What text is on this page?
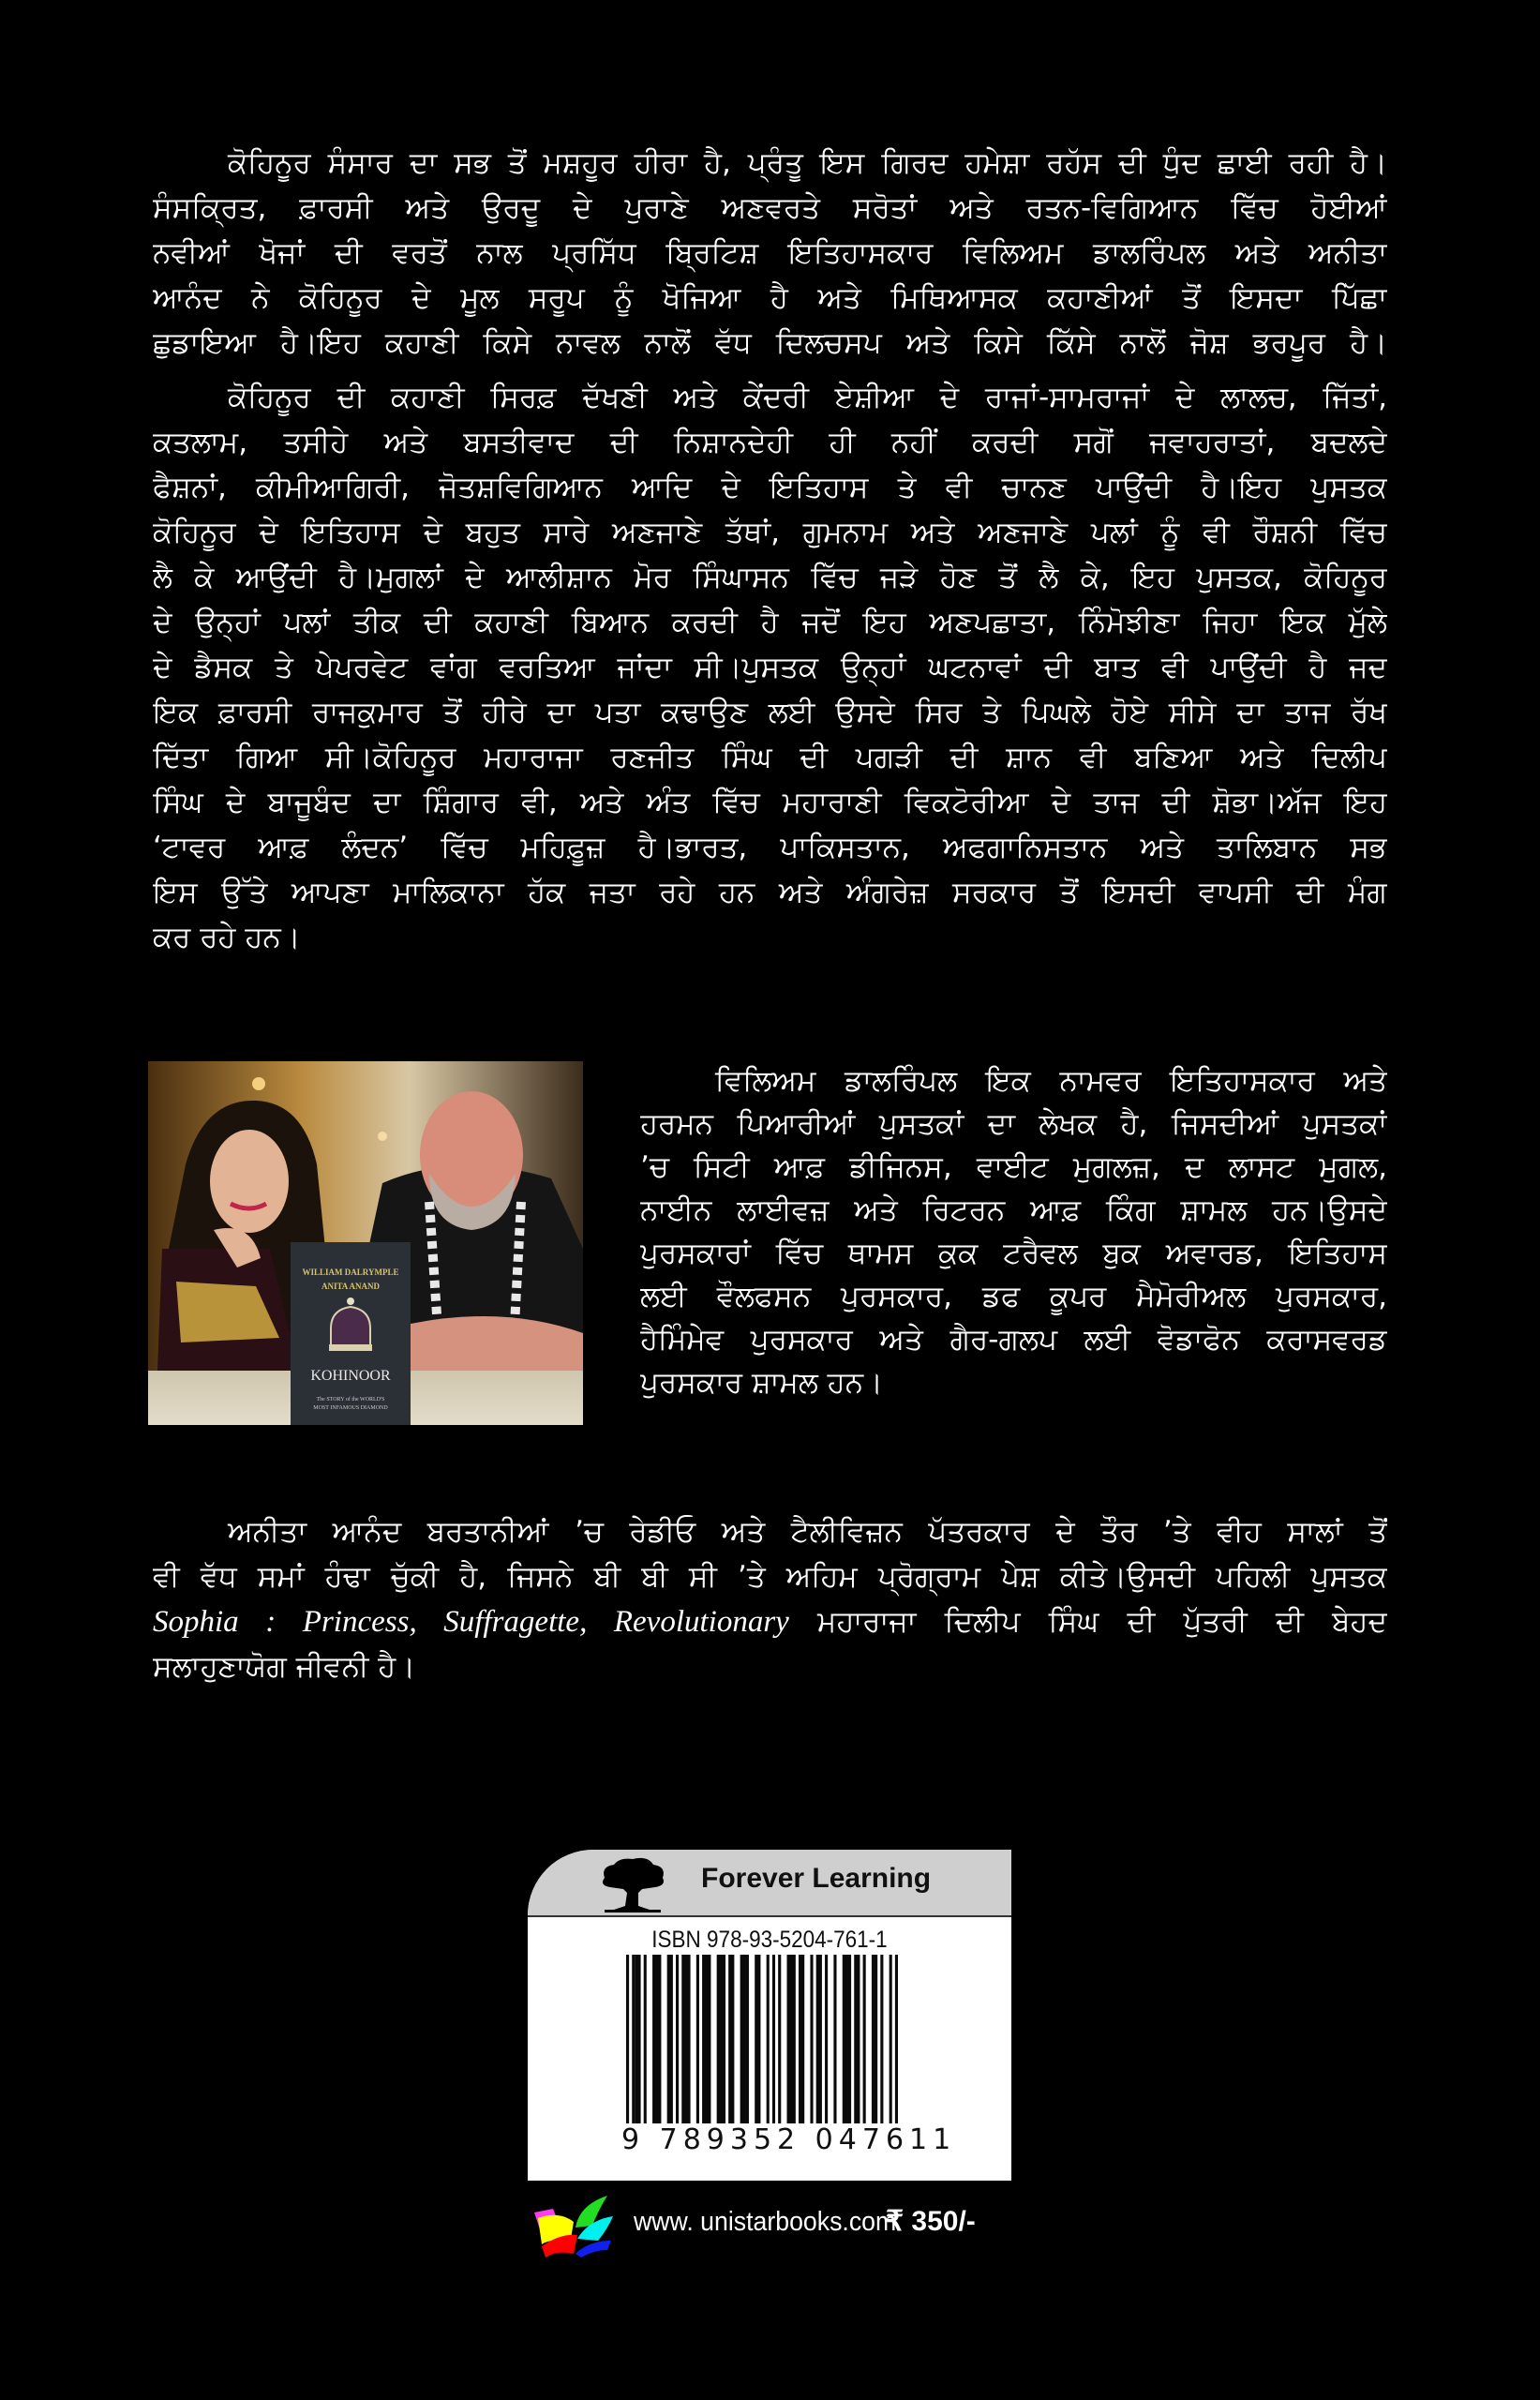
ਕੋਹਿਨੂਰ ਸੰਸਾਰ ਦਾ ਸਭ ਤੋਂ ਮਸ਼ਹੂਰ ਹੀਰਾ ਹੈ, ਪ੍ਰੰਤੂ ਇਸ ਗਿਰਦ ਹਮੇਸ਼ਾ ਰਹੱਸ ਦੀ ਧੁੰਦ ਛਾਈ ਰਹੀ ਹੈ।
ਸੰਸਕ੍ਰਿਤ, ਫ਼ਾਰਸੀ ਅਤੇ ਉਰਦੂ ਦੇ ਪੁਰਾਣੇ ਅਣਵਰਤੇ ਸਰੋਤਾਂ ਅਤੇ ਰਤਨ-ਵਿਗਿਆਨ ਵਿੱਚ ਹੋਈਆਂ
ਨਵੀਆਂ ਖੋਜਾਂ ਦੀ ਵਰਤੋਂ ਨਾਲ ਪ੍ਰਸਿੱਧ ਬ੍ਰਿਟਿਸ਼ ਇਤਿਹਾਸਕਾਰ ਵਿਲਿਅਮ ਡਾਲਰਿੰਪਲ ਅਤੇ ਅਨੀਤਾ
ਆਨੰਦ ਨੇ ਕੋਹਿਨੂਰ ਦੇ ਮੂਲ ਸਰੂਪ ਨੂੰ ਖੋਜਿਆ ਹੈ ਅਤੇ ਮਿਥਿਆਸਕ ਕਹਾਣੀਆਂ ਤੋਂ ਇਸਦਾ ਪਿੱਛਾ
ਛੁਡਾਇਆ ਹੈ।ਇਹ ਕਹਾਣੀ ਕਿਸੇ ਨਾਵਲ ਨਾਲੋਂ ਵੱਧ ਦਿਲਚਸਪ ਅਤੇ ਕਿਸੇ ਕਿੱਸੇ ਨਾਲੋਂ ਜੋਸ਼ ਭਰਪੂਰ ਹੈ।
ਕੋਹਿਨੂਰ ਦੀ ਕਹਾਣੀ ਸਿਰਫ਼ ਦੱਖਣੀ ਅਤੇ ਕੇਂਦਰੀ ਏਸ਼ੀਆ ਦੇ ਰਾਜਾਂ-ਸਾਮਰਾਜਾਂ ਦੇ ਲਾਲਚ, ਜਿੱਤਾਂ,
ਕਤਲਾਮ, ਤਸੀਹੇ ਅਤੇ ਬਸਤੀਵਾਦ ਦੀ ਨਿਸ਼ਾਨਦੇਹੀ ਹੀ ਨਹੀਂ ਕਰਦੀ ਸਗੋਂ ਜਵਾਹਰਾਤਾਂ, ਬਦਲਦੇ
ਫੈਸ਼ਨਾਂ, ਕੀਮੀਆਗਿਰੀ, ਜੋਤਸ਼ਵਿਗਿਆਨ ਆਦਿ ਦੇ ਇਤਿਹਾਸ ਤੇ ਵੀ ਚਾਨਣ ਪਾਉਂਦੀ ਹੈ।ਇਹ ਪੁਸਤਕ
ਕੋਹਿਨੂਰ ਦੇ ਇਤਿਹਾਸ ਦੇ ਬਹੁਤ ਸਾਰੇ ਅਣਜਾਣੇ ਤੱਥਾਂ, ਗੁਮਨਾਮ ਅਤੇ ਅਣਜਾਣੇ ਪਲਾਂ ਨੂੰ ਵੀ ਰੌਸ਼ਨੀ ਵਿੱਚ
ਲੈ ਕੇ ਆਉਂਦੀ ਹੈ।ਮੁਗਲਾਂ ਦੇ ਆਲੀਸ਼ਾਨ ਮੋਰ ਸਿੰਘਾਸਨ ਵਿੱਚ ਜੜੇ ਹੋਣ ਤੋਂ ਲੈ ਕੇ, ਇਹ ਪੁਸਤਕ, ਕੋਹਿਨੂਰ
ਦੇ ਉਨ੍ਹਾਂ ਪਲਾਂ ਤੀਕ ਦੀ ਕਹਾਣੀ ਬਿਆਨ ਕਰਦੀ ਹੈ ਜਦੋਂ ਇਹ ਅਣਪਛਾਤਾ, ਨਿੰਮੋਝੀਣਾ ਜਿਹਾ ਇਕ ਮੁੱਲੇ
ਦੇ ਡੈਸਕ ਤੇ ਪੇਪਰਵੇਟ ਵਾਂਗ ਵਰਤਿਆ ਜਾਂਦਾ ਸੀ।ਪੁਸਤਕ ਉਨ੍ਹਾਂ ਘਟਨਾਵਾਂ ਦੀ ਬਾਤ ਵੀ ਪਾਉਂਦੀ ਹੈ ਜਦ
ਇਕ ਫ਼ਾਰਸੀ ਰਾਜਕੁਮਾਰ ਤੋਂ ਹੀਰੇ ਦਾ ਪਤਾ ਕਢਾਉਣ ਲਈ ਉਸਦੇ ਸਿਰ ਤੇ ਪਿਘਲੇ ਹੋਏ ਸੀਸੇ ਦਾ ਤਾਜ ਰੱਖ
ਦਿੱਤਾ ਗਿਆ ਸੀ।ਕੋਹਿਨੂਰ ਮਹਾਰਾਜਾ ਰਣਜੀਤ ਸਿੰਘ ਦੀ ਪਗੜੀ ਦੀ ਸ਼ਾਨ ਵੀ ਬਣਿਆ ਅਤੇ ਦਿਲੀਪ
ਸਿੰਘ ਦੇ ਬਾਜੂਬੰਦ ਦਾ ਸ਼ਿੰਗਾਰ ਵੀ, ਅਤੇ ਅੰਤ ਵਿੱਚ ਮਹਾਰਾਣੀ ਵਿਕਟੋਰੀਆ ਦੇ ਤਾਜ ਦੀ ਸ਼ੋਭਾ।ਅੱਜ ਇਹ
‘ਟਾਵਰ ਆਫ਼ ਲੰਦਨ’ ਵਿੱਚ ਮਹਿਫ਼ੂਜ਼ ਹੈ।ਭਾਰਤ, ਪਾਕਿਸਤਾਨ, ਅਫਗਾਨਿਸਤਾਨ ਅਤੇ ਤਾਲਿਬਾਨ ਸਭ
ਇਸ ਉੱਤੇ ਆਪਣਾ ਮਾਲਿਕਾਨਾ ਹੱਕ ਜਤਾ ਰਹੇ ਹਨ ਅਤੇ ਅੰਗਰੇਜ਼ ਸਰਕਾਰ ਤੋਂ ਇਸਦੀ ਵਾਪਸੀ ਦੀ ਮੰਗ
ਕਰ ਰਹੇ ਹਨ।
WILLIAM DALRYMPLE
ANITA ANAND
KOHINOOR
The STORY of the WORLD'S
MOST INFAMOUS DIAMOND
ਵਿਲਿਅਮ ਡਾਲਰਿੰਪਲ ਇਕ ਨਾਮਵਰ ਇਤਿਹਾਸਕਾਰ ਅਤੇ
ਹਰਮਨ ਪਿਆਰੀਆਂ ਪੁਸਤਕਾਂ ਦਾ ਲੇਖਕ ਹੈ, ਜਿਸਦੀਆਂ ਪੁਸਤਕਾਂ
’ਚ ਸਿਟੀ ਆਫ਼ ਡੀਜਿਨਸ, ਵਾਈਟ ਮੁਗਲਜ਼, ਦ ਲਾਸਟ ਮੁਗਲ,
ਨਾਈਨ ਲਾਈਵਜ਼ ਅਤੇ ਰਿਟਰਨ ਆਫ਼ ਕਿੰਗ ਸ਼ਾਮਲ ਹਨ।ਉਸਦੇ
ਪੁਰਸਕਾਰਾਂ ਵਿੱਚ ਥਾਮਸ ਕੁਕ ਟਰੈਵਲ ਬੁਕ ਅਵਾਰਡ, ਇਤਿਹਾਸ
ਲਈ ਵੌਲਫਸਨ ਪੁਰਸਕਾਰ, ਡਫ ਕੂਪਰ ਮੈਮੋਰੀਅਲ ਪੁਰਸਕਾਰ,
ਹੈਮਿੰਮੇਵ ਪੁਰਸਕਾਰ ਅਤੇ ਗੈਰ-ਗਲਪ ਲਈ ਵੋਡਾਫੋਨ ਕਰਾਸਵਰਡ
ਪੁਰਸਕਾਰ ਸ਼ਾਮਲ ਹਨ।
ਅਨੀਤਾ ਆਨੰਦ ਬਰਤਾਨੀਆਂ ’ਚ ਰੇਡੀਓ ਅਤੇ ਟੈਲੀਵਿਜ਼ਨ ਪੱਤਰਕਾਰ ਦੇ ਤੌਰ ’ਤੇ ਵੀਹ ਸਾਲਾਂ ਤੋਂ
ਵੀ ਵੱਧ ਸਮਾਂ ਹੰਢਾ ਚੁੱਕੀ ਹੈ, ਜਿਸਨੇ ਬੀ ਬੀ ਸੀ ’ਤੇ ਅਹਿਮ ਪ੍ਰੋਗ੍ਰਾਮ ਪੇਸ਼ ਕੀਤੇ।ਉਸਦੀ ਪਹਿਲੀ ਪੁਸਤਕ
Sophia : Princess, Suffragette, Revolutionary ਮਹਾਰਾਜਾ ਦਿਲੀਪ ਸਿੰਘ ਦੀ ਪੁੱਤਰੀ ਦੀ ਬੇਹਦ
ਸਲਾਹੁਣਾਯੋਗ ਜੀਵਨੀ ਹੈ।
Forever Learning
ISBN 978-93-5204-761-1
9 789352 047611
www. unistarbooks.com
₹ 350/-
